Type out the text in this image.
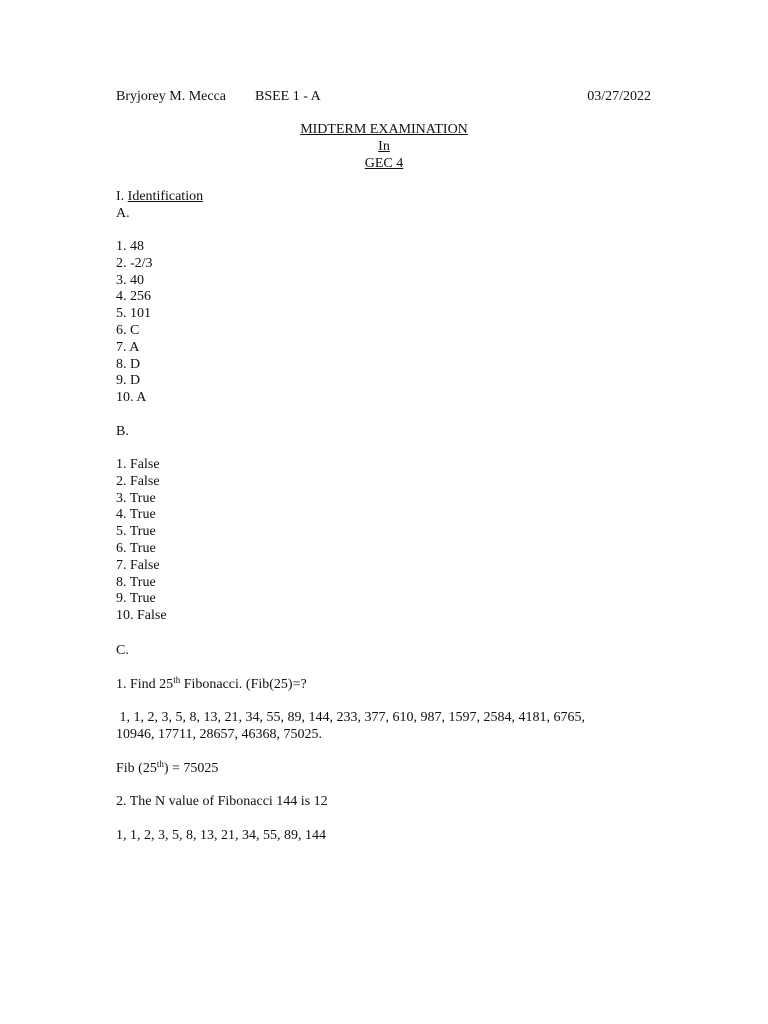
Bryjorey M. Mecca BSEE 1 - A	03/27/2022
MIDTERM EXAMINATION
In
GEC 4
I. Identification
A.
1. 48
2. -2/3
3. 40
4. 256
5. 101
6. C
7. A
8. D
9. D
10. A
B.
1. False
2. False
3. True
4. True
5. True
6. True
7. False
8. True
9. True
10. False
C.
1. Find 25th Fibonacci. (Fib(25)=?
1, 1, 2, 3, 5, 8, 13, 21, 34, 55, 89, 144, 233, 377, 610, 987, 1597, 2584, 4181, 6765,
10946, 17711, 28657, 46368, 75025.
Fib (25th) = 75025
2. The N value of Fibonacci 144 is 12
1, 1, 2, 3, 5, 8, 13, 21, 34, 55, 89, 144
